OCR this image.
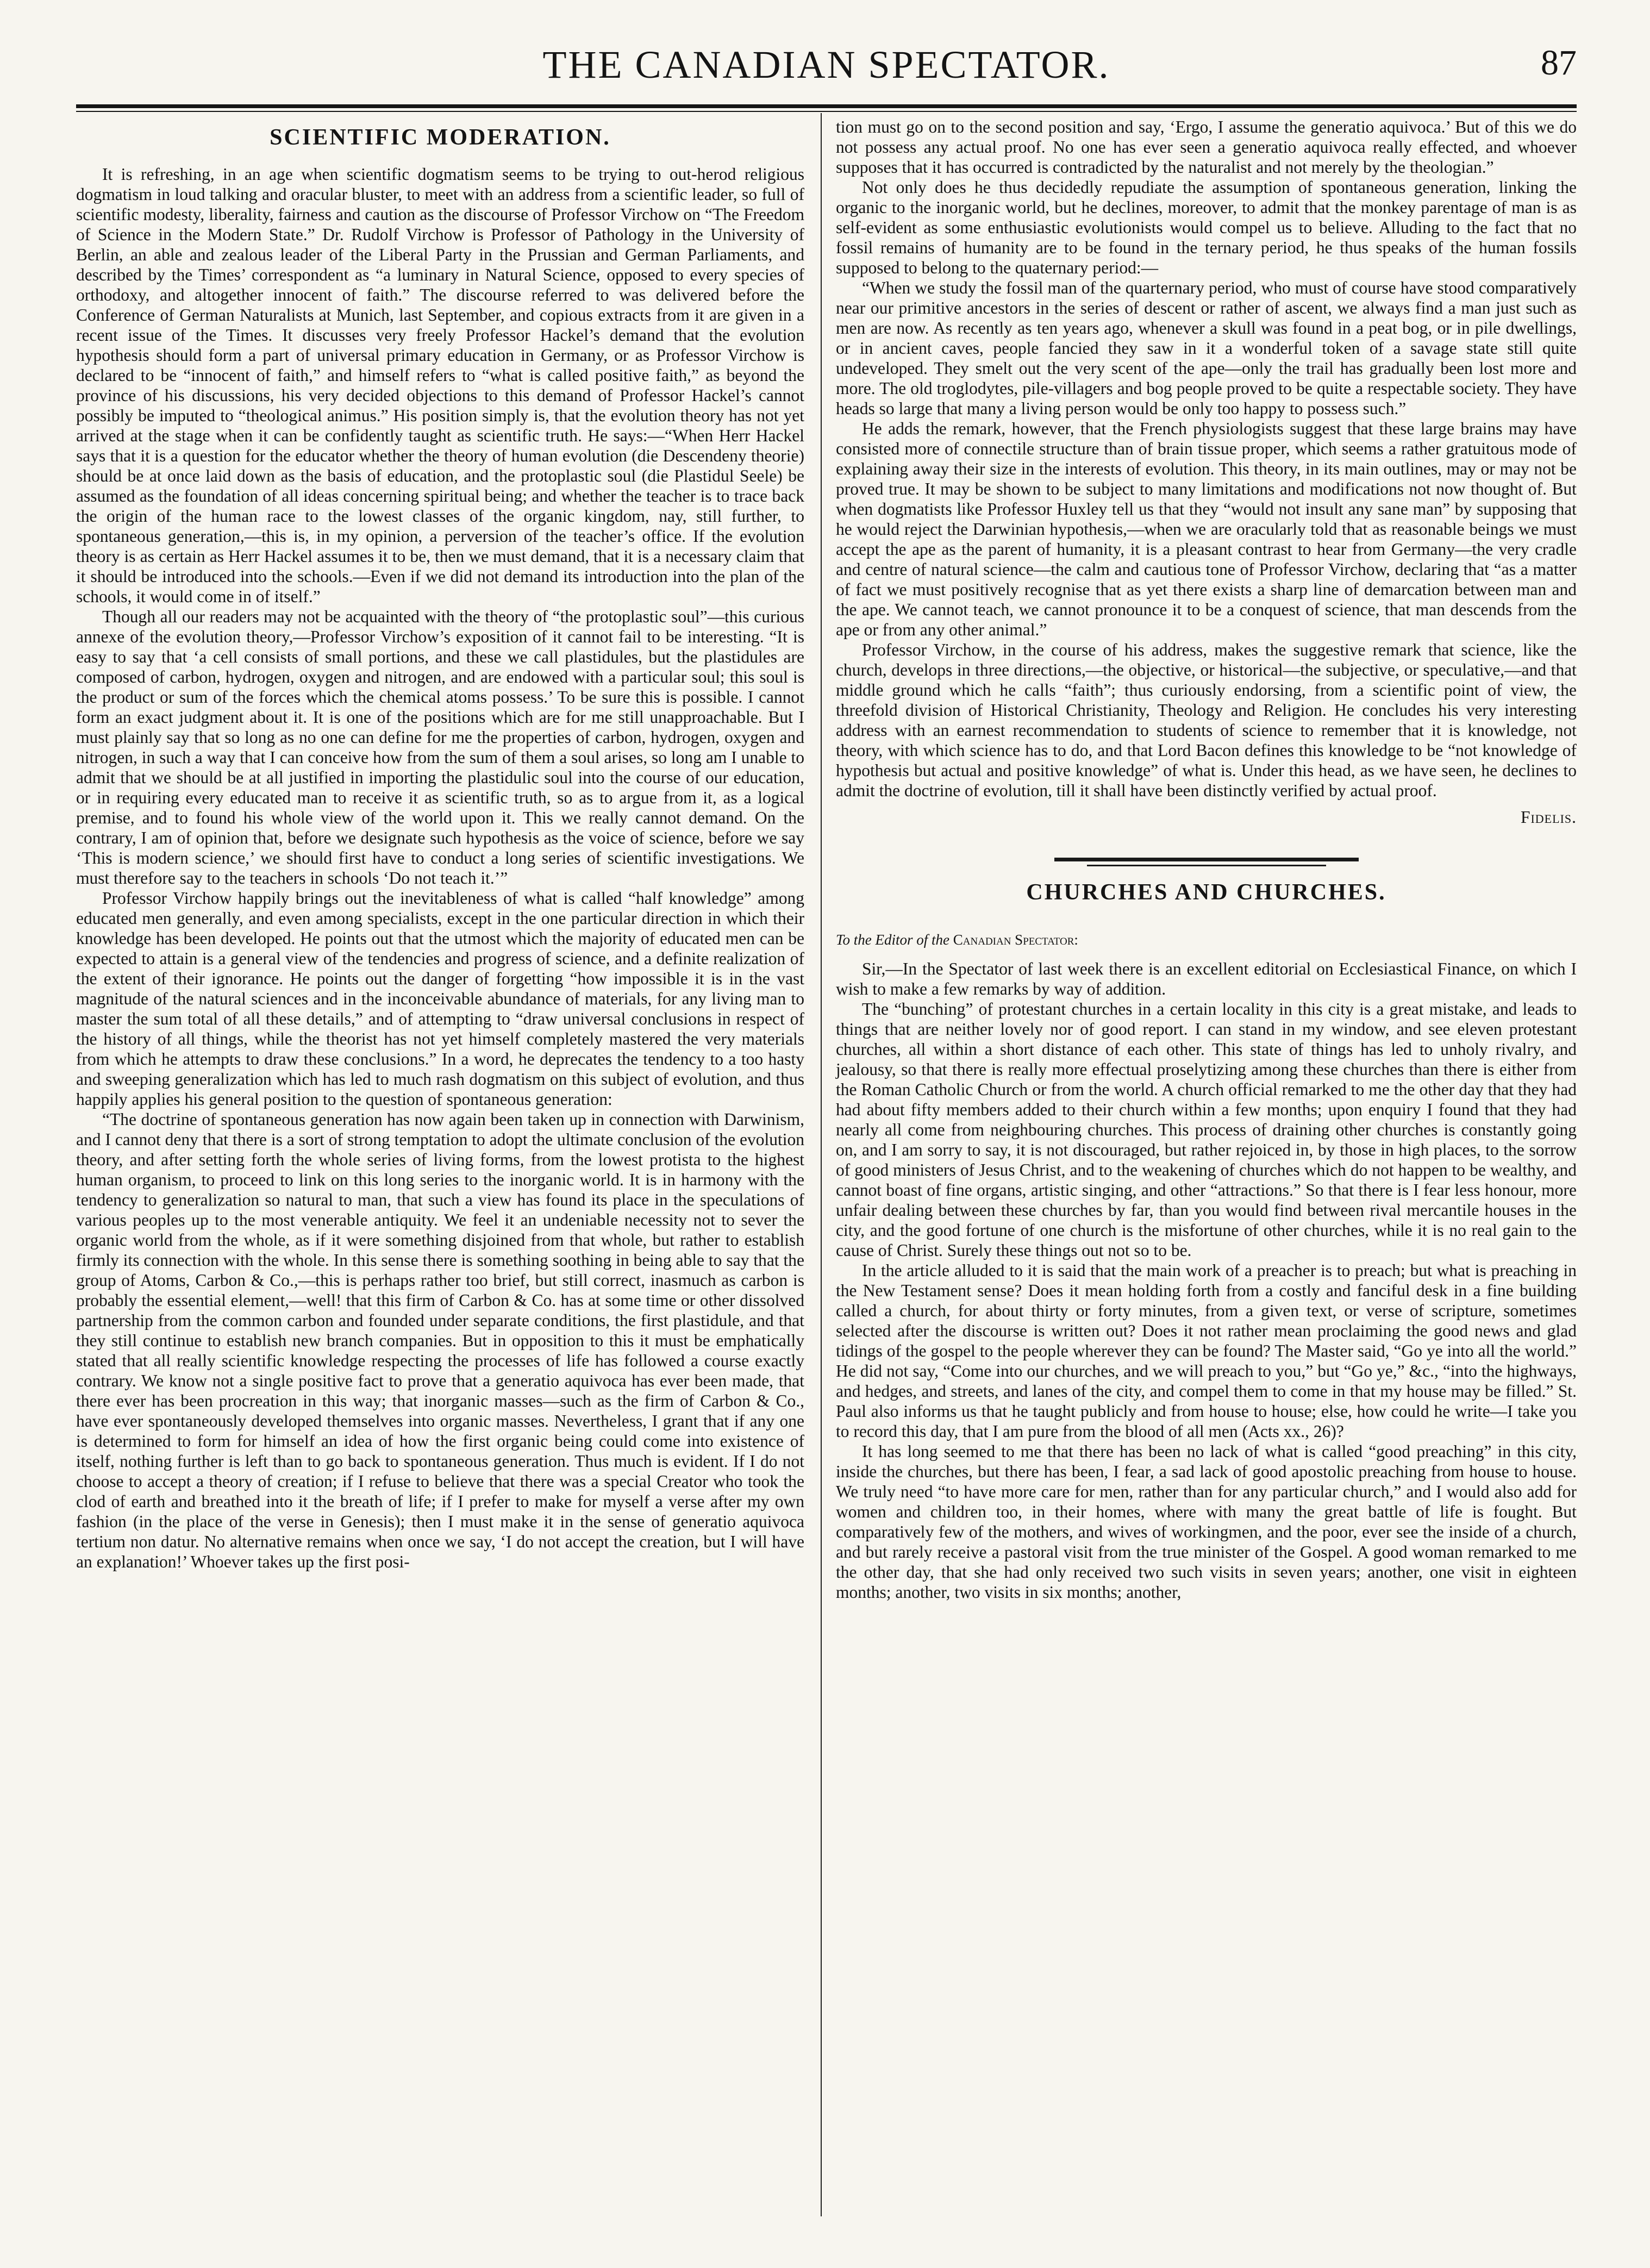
THE CANADIAN SPECTATOR.	87
SCIENTIFIC MODERATION.

It is refreshing, in an age when scientific dogmatism seems to be trying to out-herod religious dogmatism in loud talking and oracular bluster, to meet with an address from a scientific leader, so full of scientific modesty, liberality, fairness and caution as the discourse of Professor Virchow on “The Freedom of Science in the Modern State.” Dr. Rudolf Virchow is Professor of Pathology in the University of Berlin, an able and zealous leader of the Liberal Party in the Prussian and German Parliaments, and described by the Times’ correspondent as “a luminary in Natural Science, opposed to every species of orthodoxy, and altogether innocent of faith.” The discourse referred to was delivered before the Conference of German Naturalists at Munich, last September, and copious extracts from it are given in a recent issue of the Times. It discusses very freely Professor Hackel’s demand that the evolution hypothesis should form a part of universal primary education in Germany, or as Professor Virchow is declared to be “innocent of faith,” and himself refers to “what is called positive faith,” as beyond the province of his discussions, his very decided objections to this demand of Professor Hackel’s cannot possibly be imputed to “theological animus.” His position simply is, that the evolution theory has not yet arrived at the stage when it can be confidently taught as scientific truth. He says:—“When Herr Hackel says that it is a question for the educator whether the theory of human evolution (die Descendeny theorie) should be at once laid down as the basis of education, and the protoplastic soul (die Plastidul Seele) be assumed as the foundation of all ideas concerning spiritual being; and whether the teacher is to trace back the origin of the human race to the lowest classes of the organic kingdom, nay, still further, to spontaneous generation,—this is, in my opinion, a perversion of the teacher’s office. If the evolution theory is as certain as Herr Hackel assumes it to be, then we must demand, that it is a necessary claim that it should be introduced into the schools.—Even if we did not demand its introduction into the plan of the schools, it would come in of itself.”

Though all our readers may not be acquainted with the theory of “the protoplastic soul”—this curious annexe of the evolution theory,—Professor Virchow’s exposition of it cannot fail to be interesting. “It is easy to say that ‘a cell consists of small portions, and these we call plastidules, but the plastidules are composed of carbon, hydrogen, oxygen and nitrogen, and are endowed with a particular soul; this soul is the product or sum of the forces which the chemical atoms possess.’ To be sure this is possible. I cannot form an exact judgment about it. It is one of the positions which are for me still unapproachable. But I must plainly say that so long as no one can define for me the properties of carbon, hydrogen, oxygen and nitrogen, in such a way that I can conceive how from the sum of them a soul arises, so long am I unable to admit that we should be at all justified in importing the plastidulic soul into the course of our education, or in requiring every educated man to receive it as scientific truth, so as to argue from it, as a logical premise, and to found his whole view of the world upon it. This we really cannot demand. On the contrary, I am of opinion that, before we designate such hypothesis as the voice of science, before we say ‘This is modern science,’ we should first have to conduct a long series of scientific investigations. We must therefore say to the teachers in schools ‘Do not teach it.’”

Professor Virchow happily brings out the inevitableness of what is called “half knowledge” among educated men generally, and even among specialists, except in the one particular direction in which their knowledge has been developed. He points out that the utmost which the majority of educated men can be expected to attain is a general view of the tendencies and progress of science, and a definite realization of the extent of their ignorance. He points out the danger of forgetting “how impossible it is in the vast magnitude of the natural sciences and in the inconceivable abundance of materials, for any living man to master the sum total of all these details,” and of attempting to “draw universal conclusions in respect of the history of all things, while the theorist has not yet himself completely mastered the very materials from which he attempts to draw these conclusions.” In a word, he deprecates the tendency to a too hasty and sweeping generalization which has led to much rash dogmatism on this subject of evolution, and thus happily applies his general position to the question of spontaneous generation:

“The doctrine of spontaneous generation has now again been taken up in connection with Darwinism, and I cannot deny that there is a sort of strong temptation to adopt the ultimate conclusion of the evolution theory, and after setting forth the whole series of living forms, from the lowest protista to the highest human organism, to proceed to link on this long series to the inorganic world. It is in harmony with the tendency to generalization so natural to man, that such a view has found its place in the speculations of various peoples up to the most venerable antiquity. We feel it an undeniable necessity not to sever the organic world from the whole, as if it were something disjoined from that whole, but rather to establish firmly its connection with the whole. In this sense there is something soothing in being able to say that the group of Atoms, Carbon & Co.,—this is perhaps rather too brief, but still correct, inasmuch as carbon is probably the essential element,—well! that this firm of Carbon & Co. has at some time or other dissolved partnership from the common carbon and founded under separate conditions, the first plastidule, and that they still continue to establish new branch companies. But in opposition to this it must be emphatically stated that all really scientific knowledge respecting the processes of life has followed a course exactly contrary. We know not a single positive fact to prove that a generatio aquivoca has ever been made, that there ever has been procreation in this way; that inorganic masses—such as the firm of Carbon & Co., have ever spontaneously developed themselves into organic masses. Nevertheless, I grant that if any one is determined to form for himself an idea of how the first organic being could come into existence of itself, nothing further is left than to go back to spontaneous generation. Thus much is evident. If I do not choose to accept a theory of creation; if I refuse to believe that there was a special Creator who took the clod of earth and breathed into it the breath of life; if I prefer to make for myself a verse after my own fashion (in the place of the verse in Genesis); then I must make it in the sense of generatio aquivoca tertium non datur. No alternative remains when once we say, ‘I do not accept the creation, but I will have an explanation!’ Whoever takes up the first posi-

tion must go on to the second position and say, ‘Ergo, I assume the generatio aquivoca.’ But of this we do not possess any actual proof. No one has ever seen a generatio aquivoca really effected, and whoever supposes that it has occurred is contradicted by the naturalist and not merely by the theologian.”

Not only does he thus decidedly repudiate the assumption of spontaneous generation, linking the organic to the inorganic world, but he declines, moreover, to admit that the monkey parentage of man is as self-evident as some enthusiastic evolutionists would compel us to believe. Alluding to the fact that no fossil remains of humanity are to be found in the ternary period, he thus speaks of the human fossils supposed to belong to the quaternary period:—

“When we study the fossil man of the quarternary period, who must of course have stood comparatively near our primitive ancestors in the series of descent or rather of ascent, we always find a man just such as men are now. As recently as ten years ago, whenever a skull was found in a peat bog, or in pile dwellings, or in ancient caves, people fancied they saw in it a wonderful token of a savage state still quite undeveloped. They smelt out the very scent of the ape—only the trail has gradually been lost more and more. The old troglodytes, pile-villagers and bog people proved to be quite a respectable society. They have heads so large that many a living person would be only too happy to possess such.”

He adds the remark, however, that the French physiologists suggest that these large brains may have consisted more of connectile structure than of brain tissue proper, which seems a rather gratuitous mode of explaining away their size in the interests of evolution. This theory, in its main outlines, may or may not be proved true. It may be shown to be subject to many limitations and modifications not now thought of. But when dogmatists like Professor Huxley tell us that they “would not insult any sane man” by supposing that he would reject the Darwinian hypothesis,—when we are oracularly told that as reasonable beings we must accept the ape as the parent of humanity, it is a pleasant contrast to hear from Germany—the very cradle and centre of natural science—the calm and cautious tone of Professor Virchow, declaring that “as a matter of fact we must positively recognise that as yet there exists a sharp line of demarcation between man and the ape. We cannot teach, we cannot pronounce it to be a conquest of science, that man descends from the ape or from any other animal.”

Professor Virchow, in the course of his address, makes the suggestive remark that science, like the church, develops in three directions,—the objective, or historical—the subjective, or speculative,—and that middle ground which he calls “faith”; thus curiously endorsing, from a scientific point of view, the threefold division of Historical Christianity, Theology and Religion. He concludes his very interesting address with an earnest recommendation to students of science to remember that it is knowledge, not theory, with which science has to do, and that Lord Bacon defines this knowledge to be “not knowledge of hypothesis but actual and positive knowledge” of what is. Under this head, as we have seen, he declines to admit the doctrine of evolution, till it shall have been distinctly verified by actual proof.

Fidelis.

CHURCHES AND CHURCHES.

To the Editor of the Canadian Spectator:

Sir,—In the Spectator of last week there is an excellent editorial on Ecclesiastical Finance, on which I wish to make a few remarks by way of addition.

The “bunching” of protestant churches in a certain locality in this city is a great mistake, and leads to things that are neither lovely nor of good report. I can stand in my window, and see eleven protestant churches, all within a short distance of each other. This state of things has led to unholy rivalry, and jealousy, so that there is really more effectual proselytizing among these churches than there is either from the Roman Catholic Church or from the world. A church official remarked to me the other day that they had had about fifty members added to their church within a few months; upon enquiry I found that they had nearly all come from neighbouring churches. This process of draining other churches is constantly going on, and I am sorry to say, it is not discouraged, but rather rejoiced in, by those in high places, to the sorrow of good ministers of Jesus Christ, and to the weakening of churches which do not happen to be wealthy, and cannot boast of fine organs, artistic singing, and other “attractions.” So that there is I fear less honour, more unfair dealing between these churches by far, than you would find between rival mercantile houses in the city, and the good fortune of one church is the misfortune of other churches, while it is no real gain to the cause of Christ. Surely these things out not so to be.

In the article alluded to it is said that the main work of a preacher is to preach; but what is preaching in the New Testament sense? Does it mean holding forth from a costly and fanciful desk in a fine building called a church, for about thirty or forty minutes, from a given text, or verse of scripture, sometimes selected after the discourse is written out? Does it not rather mean proclaiming the good news and glad tidings of the gospel to the people wherever they can be found? The Master said, “Go ye into all the world.” He did not say, “Come into our churches, and we will preach to you,” but “Go ye,” &c., “into the highways, and hedges, and streets, and lanes of the city, and compel them to come in that my house may be filled.” St. Paul also informs us that he taught publicly and from house to house; else, how could he write—I take you to record this day, that I am pure from the blood of all men (Acts xx., 26)?

It has long seemed to me that there has been no lack of what is called “good preaching” in this city, inside the churches, but there has been, I fear, a sad lack of good apostolic preaching from house to house. We truly need “to have more care for men, rather than for any particular church,” and I would also add for women and children too, in their homes, where with many the great battle of life is fought. But comparatively few of the mothers, and wives of workingmen, and the poor, ever see the inside of a church, and but rarely receive a pastoral visit from the true minister of the Gospel. A good woman remarked to me the other day, that she had only received two such visits in seven years; another, one visit in eighteen months; another, two visits in six months; another,
